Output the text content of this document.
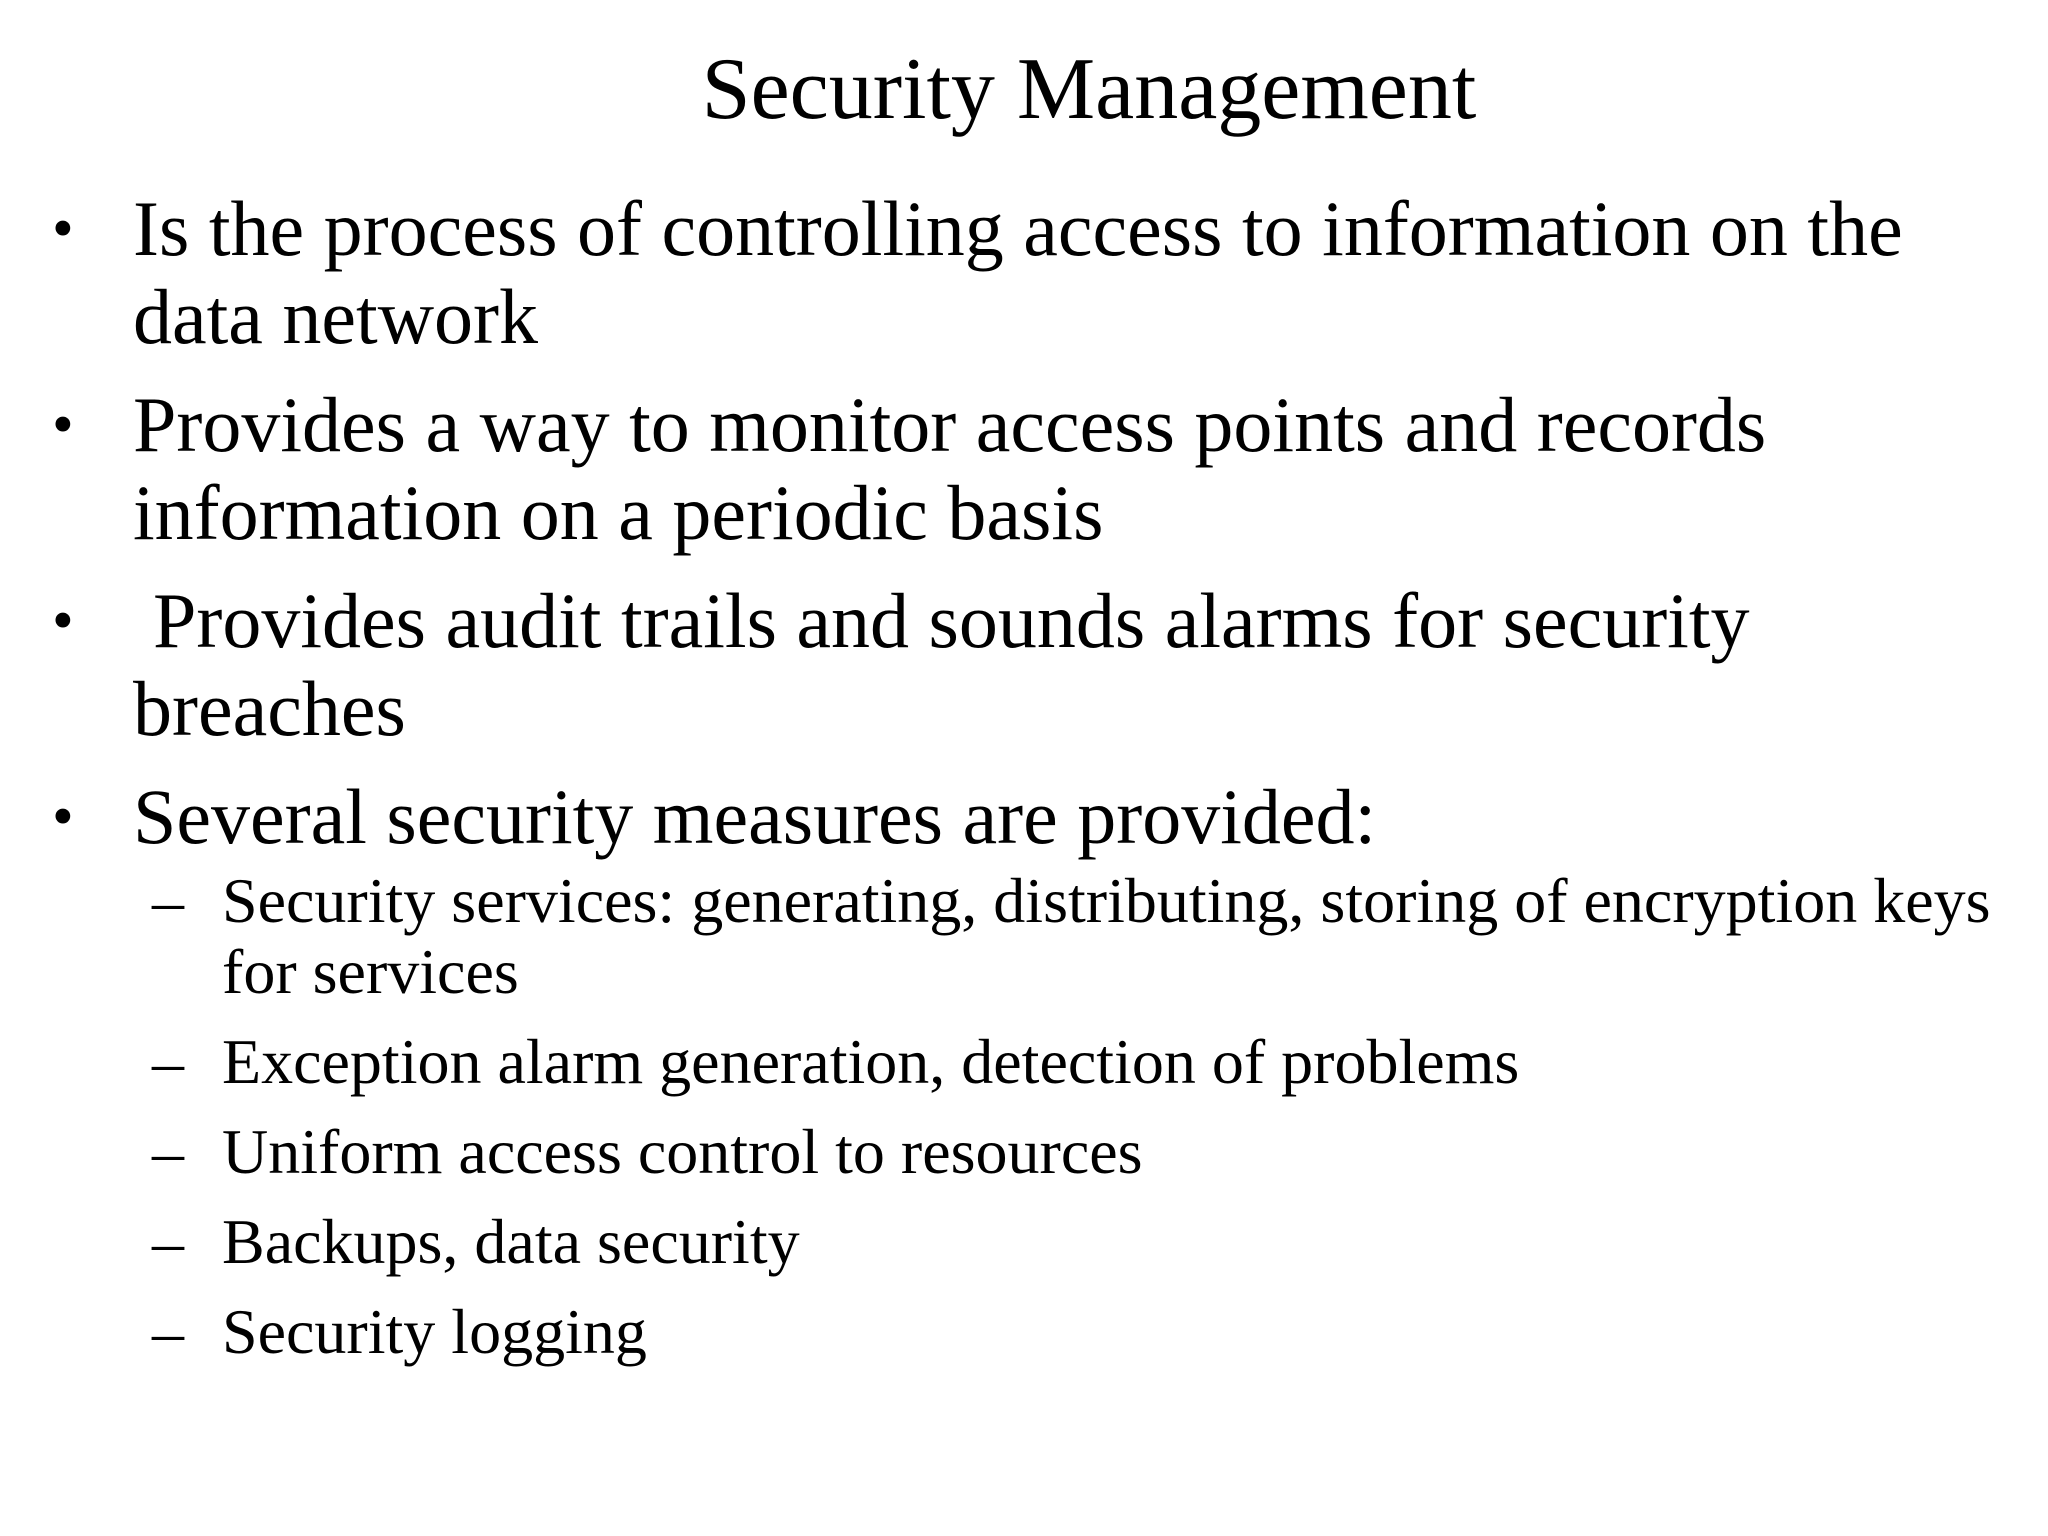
Security Management
• Is the process of controlling access to information on the data network
• Provides a way to monitor access points and records information on a periodic basis
• Provides audit trails and sounds alarms for security breaches
• Several security measures are provided:
– Security services: generating, distributing, storing of encryption keys for services
– Exception alarm generation, detection of problems
– Uniform access control to resources
– Backups, data security
– Security logging
